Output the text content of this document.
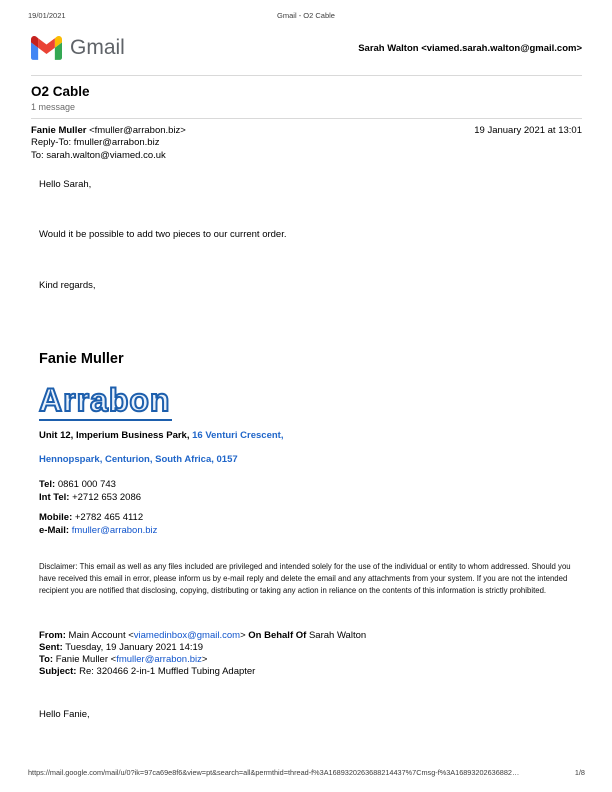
19/01/2021	Gmail - O2 Cable
Gmail	Sarah Walton <viamed.sarah.walton@gmail.com>
O2 Cable
1 message
Fanie Muller <fmuller@arrabon.biz>	19 January 2021 at 13:01
Reply-To: fmuller@arrabon.biz
To: sarah.walton@viamed.co.uk
Hello Sarah,
Would it be possible to add two pieces to our current order.
Kind regards,
Fanie Muller
Arrabon
Unit 12, Imperium Business Park, 16 Venturi Crescent,
Hennopspark, Centurion, South Africa, 0157
Tel: 0861 000 743
Int Tel: +2712 653 2086
Mobile: +2782 465 4112
e-Mail: fmuller@arrabon.biz
Disclaimer: This email as well as any files included are privileged and intended solely for the use of the individual or entity to whom addressed. Should you have received this email in error, please inform us by e-mail reply and delete the email and any attachments from your system. If you are not the intended recipient you are notified that disclosing, copying, distributing or taking any action in reliance on the contents of this information is strictly prohibited.
From: Main Account <viamedinbox@gmail.com> On Behalf Of Sarah Walton
Sent: Tuesday, 19 January 2021 14:19
To: Fanie Muller <fmuller@arrabon.biz>
Subject: Re: 320466 2-in-1 Muffled Tubing Adapter
Hello Fanie,
https://mail.google.com/mail/u/0?ik=97ca69e8f6&view=pt&search=all&permthid=thread-f%3A1689320263688214437%7Cmsg-f%3A16893202636882…	1/8
